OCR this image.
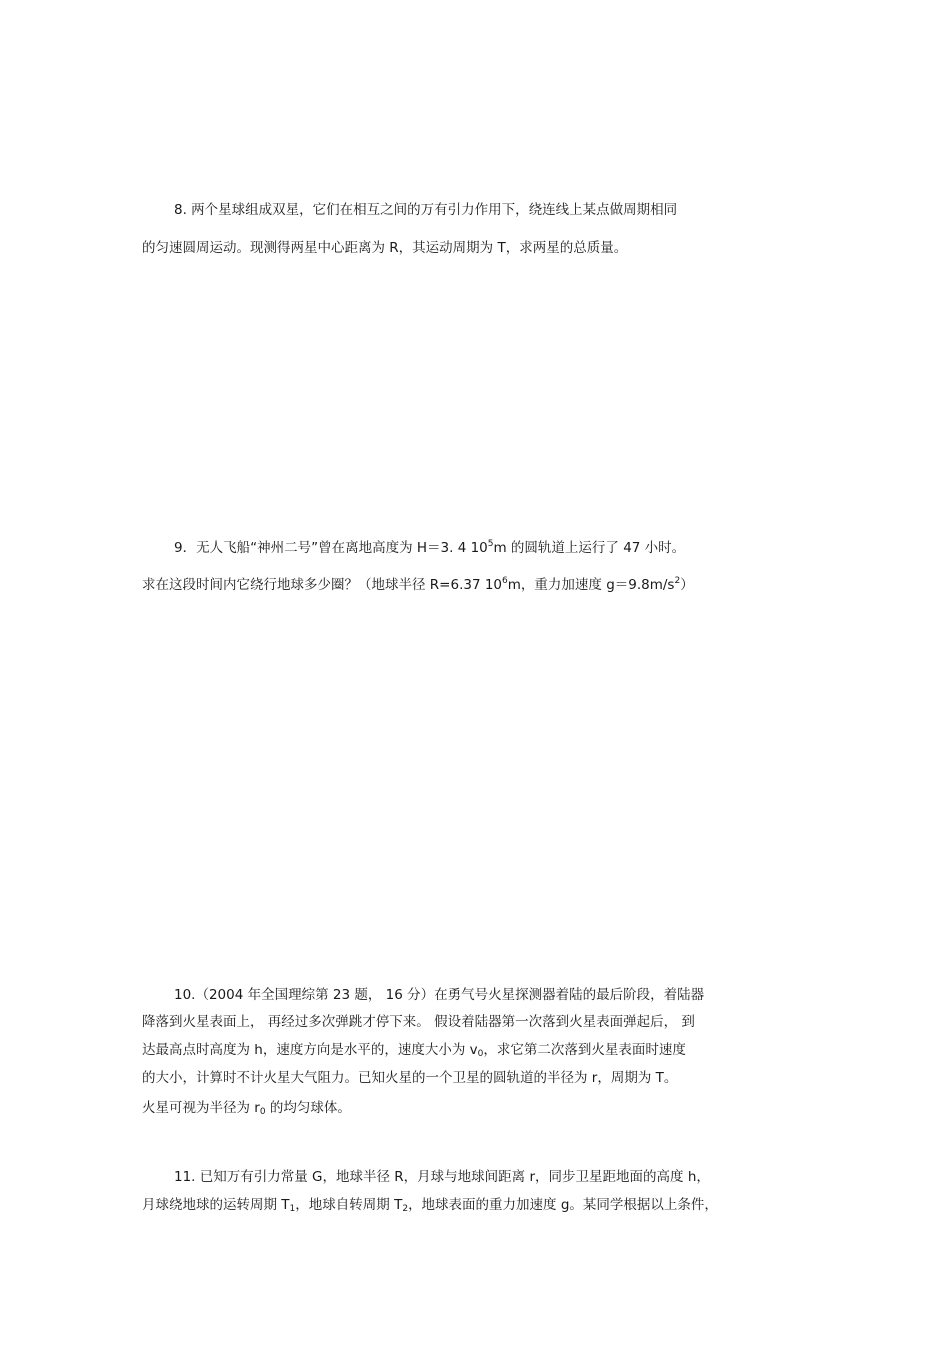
8. 两个星球组成双星，它们在相互之间的万有引力作用下，绕连线上某点做周期相同
的匀速圆周运动。现测得两星中心距离为 R，其运动周期为 T，求两星的总质量。
9．无人飞船“神州二号”曾在离地高度为 H＝3. 4 $10^5m$ 的圆轨道上运行了 47 小时。
求在这段时间内它绕行地球多少圈？（地球半径 R=6.37 $10^6m$，重力加速度 $g=9.8m/s^2$）
10.（2004 年全国理综第 23 题， 16 分）在勇气号火星探测器着陆的最后阶段，着陆器
降落到火星表面上， 再经过多次弹跳才停下来。 假设着陆器第一次落到火星表面弹起后， 到
达最高点时高度为 h，速度方向是水平的，速度大小为 $v_0$，求它第二次落到火星表面时速度
的大小，计算时不计火星大气阻力。已知火星的一个卫星的圆轨道的半径为 r，周期为 T。
火星可视为半径为 $r_0$ 的均匀球体。
11. 已知万有引力常量 G，地球半径 R，月球与地球间距离 r，同步卫星距地面的高度 h，
月球绕地球的运转周期 $T_1$，地球自转周期 $T_2$，地球表面的重力加速度 g。某同学根据以上条件，
